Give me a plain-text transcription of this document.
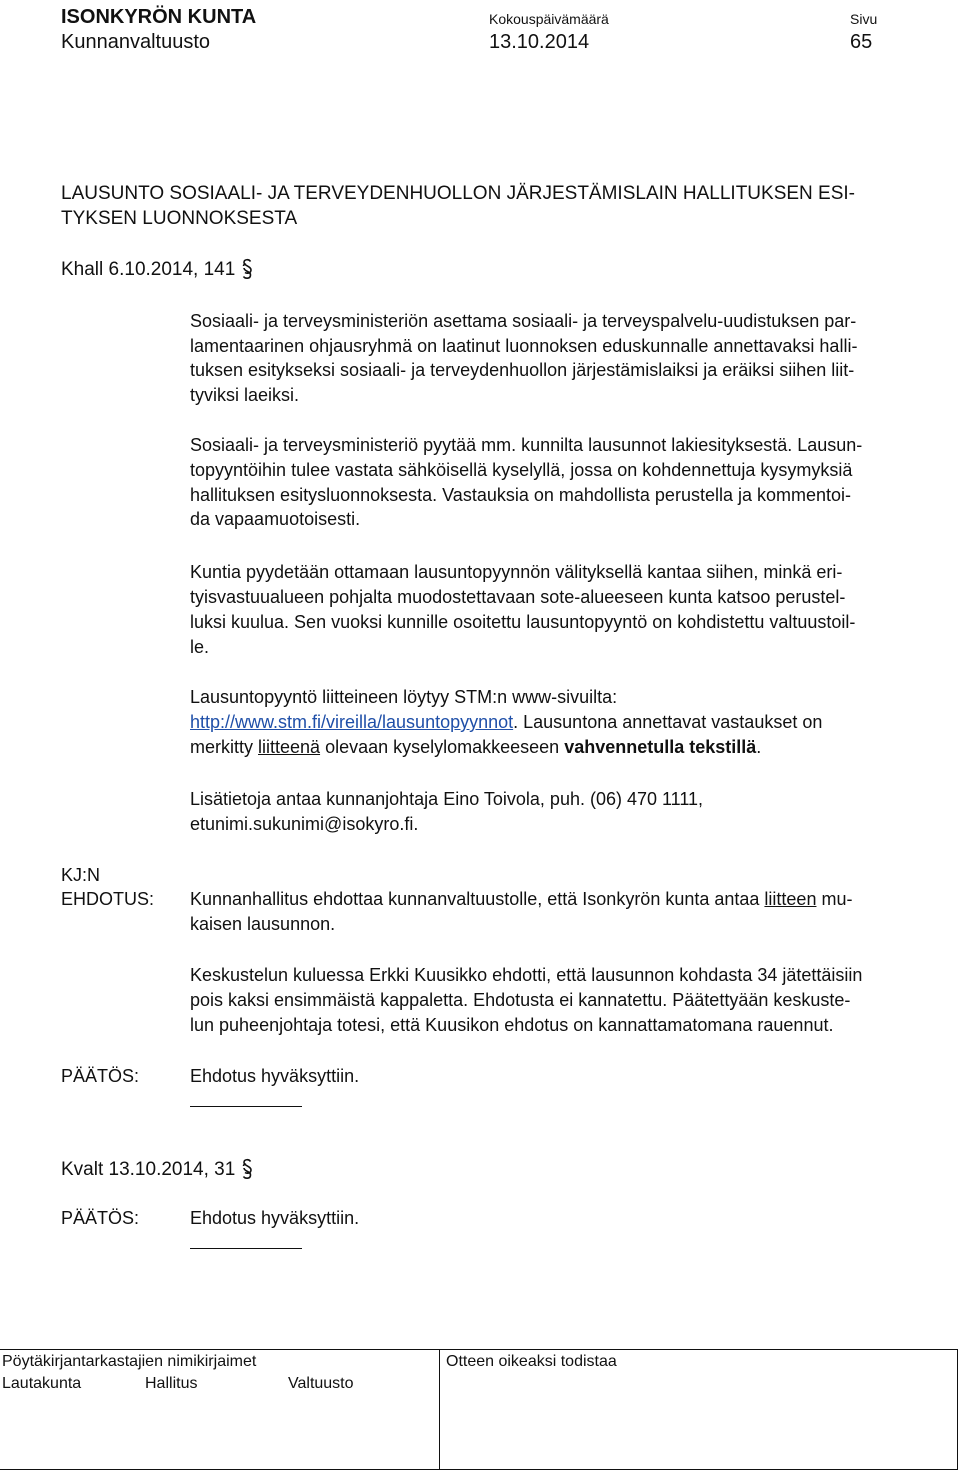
ISONKYRÖN KUNTA
Kunnanvaltuusto
Kokouspäivämäärä
13.10.2014
Sivu
65
LAUSUNTO SOSIAALI- JA TERVEYDENHUOLLON JÄRJESTÄMISLAIN HALLITUKSEN ESI-
TYKSEN LUONNOKSESTA
Khall 6.10.2014, 141
Sosiaali- ja terveysministeriön asettama sosiaali- ja terveyspalvelu-uudistuksen par-
lamentaarinen ohjausryhmä on laatinut luonnoksen eduskunnalle annettavaksi halli-
tuksen esitykseksi sosiaali- ja terveydenhuollon järjestämislaiksi ja eräiksi siihen liit-
tyviksi laeiksi.
Sosiaali- ja terveysministeriö pyytää mm. kunnilta lausunnot lakiesityksestä. Lausun-
topyyntöihin tulee vastata sähköisellä kyselyllä, jossa on kohdennettuja kysymyksiä
hallituksen esitysluonnoksesta. Vastauksia on mahdollista perustella ja kommentoi-
da vapaamuotoisesti.
Kuntia pyydetään ottamaan lausuntopyynnön välityksellä kantaa siihen, minkä eri-
tyisvastuualueen pohjalta muodostettavaan sote-alueeseen kunta katsoo perustel-
luksi kuulua. Sen vuoksi kunnille osoitettu lausuntopyyntö on kohdistettu valtuustoil-
le.
Lausuntopyyntö liitteineen löytyy STM:n www-sivuilta:
http://www.stm.fi/vireilla/lausuntopyynnot. Lausuntona annettavat vastaukset on
merkitty liitteenä olevaan kyselylomakkeeseen vahvennetulla tekstillä.
Lisätietoja antaa kunnanjohtaja Eino Toivola, puh. (06) 470 1111,
etunimi.sukunimi@isokyro.fi.
KJ:N
EHDOTUS: Kunnanhallitus ehdottaa kunnanvaltuustolle, että Isonkyrön kunta antaa liitteen mu-
kaisen lausunnon.
Keskustelun kuluessa Erkki Kuusikko ehdotti, että lausunnon kohdasta 34 jätettäisiin
pois kaksi ensimmäistä kappaletta. Ehdotusta ei kannatettu. Päätettyään keskuste-
lun puheenjohtaja totesi, että Kuusikon ehdotus on kannattamatomana rauennut.
PÄÄTÖS:	Ehdotus hyväksyttiin.
Kvalt 13.10.2014, 31
PÄÄTÖS:	Ehdotus hyväksyttiin.
Pöytäkirjantarkastajien nimikirjaimet	Otteen oikeaksi todistaa
Lautakunta	Hallitus	Valtuusto
